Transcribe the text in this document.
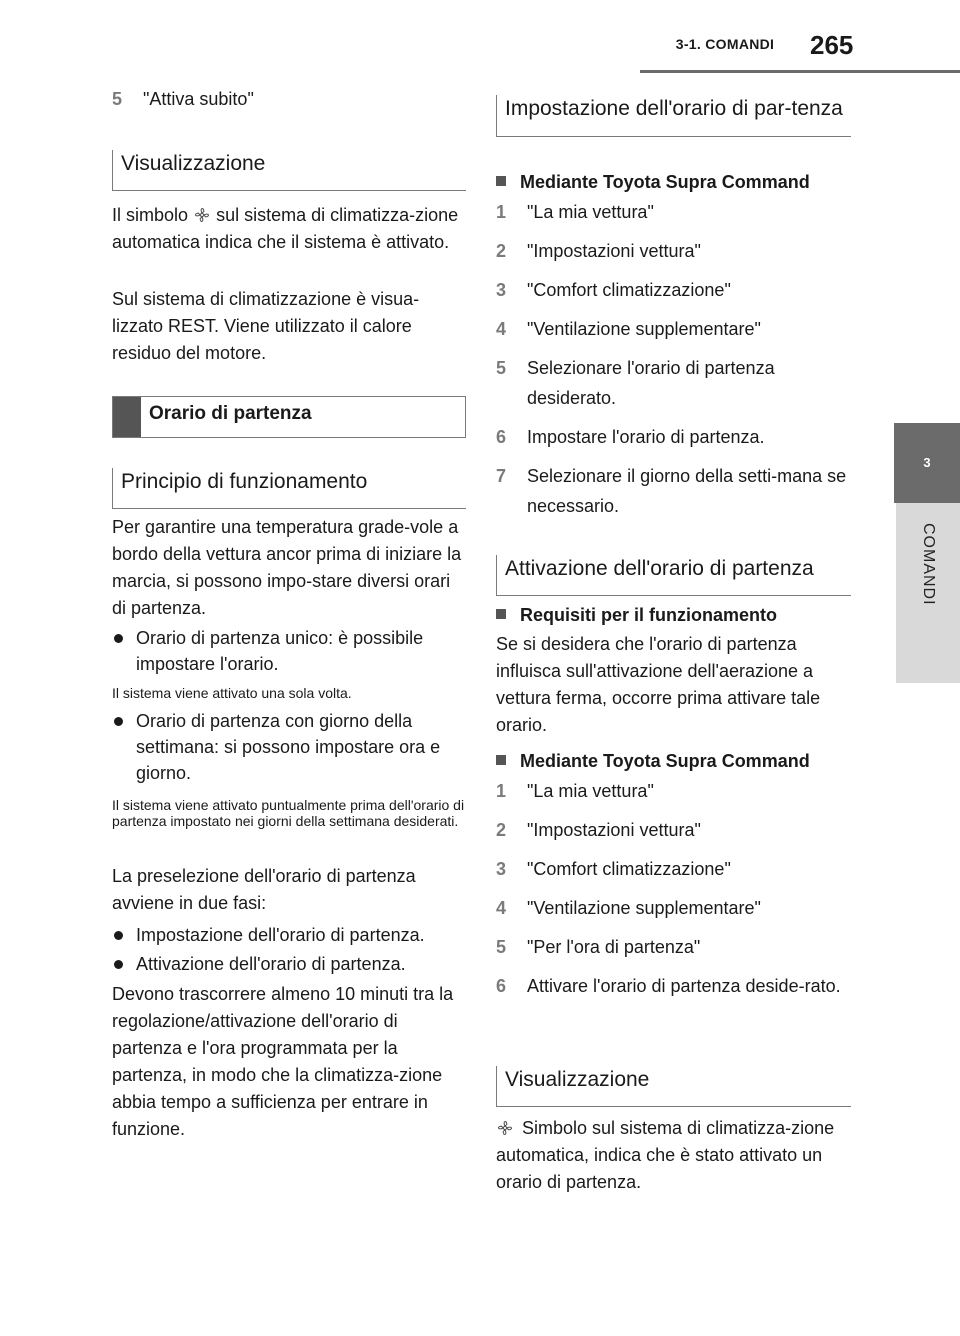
3-1. COMANDI	265
3
COMANDI
5	"Attiva subito"
Visualizzazione

Il simbolo sul sistema di climatizza-zione automatica indica che il sistema è attivato.

Sul sistema di climatizzazione è visua-lizzato REST. Viene utilizzato il calore residuo del motore.

Orario di partenza
Principio di funzionamento

Per garantire una temperatura grade-vole a bordo della vettura ancor prima di iniziare la marcia, si possono impo-stare diversi orari di partenza.

Orario di partenza unico: è possibile impostare l'orario.

Il sistema viene attivato una sola volta.

Orario di partenza con giorno della settimana: si possono impostare ora e giorno.

Il sistema viene attivato puntualmente prima dell'orario di partenza impostato nei giorni della settimana desiderati.

La preselezione dell'orario di partenza avviene in due fasi:

Impostazione dell'orario di partenza.
Attivazione dell'orario di partenza.

Devono trascorrere almeno 10 minuti tra la regolazione/attivazione dell'orario di partenza e l'ora programmata per la partenza, in modo che la climatizza-zione abbia tempo a sufficienza per entrare in funzione.

Impostazione dell'orario di par-tenza
Mediante Toyota Supra Command
1	"La mia vettura"
2	"Impostazioni vettura"
3	"Comfort climatizzazione"
4	"Ventilazione supplementare"
5	Selezionare l'orario di partenza desiderato.
6	Impostare l'orario di partenza.
7	Selezionare il giorno della setti-mana se necessario.
Attivazione dell'orario di partenza
Requisiti per il funzionamento

Se si desidera che l'orario di partenza influisca sull'attivazione dell'aerazione a vettura ferma, occorre prima attivare tale orario.

Mediante Toyota Supra Command
1	"La mia vettura"
2	"Impostazioni vettura"
3	"Comfort climatizzazione"
4	"Ventilazione supplementare"
5	"Per l'ora di partenza"
6	Attivare l'orario di partenza deside-rato.
Visualizzazione

Simbolo sul sistema di climatizza-zione automatica, indica che è stato attivato un orario di partenza.
